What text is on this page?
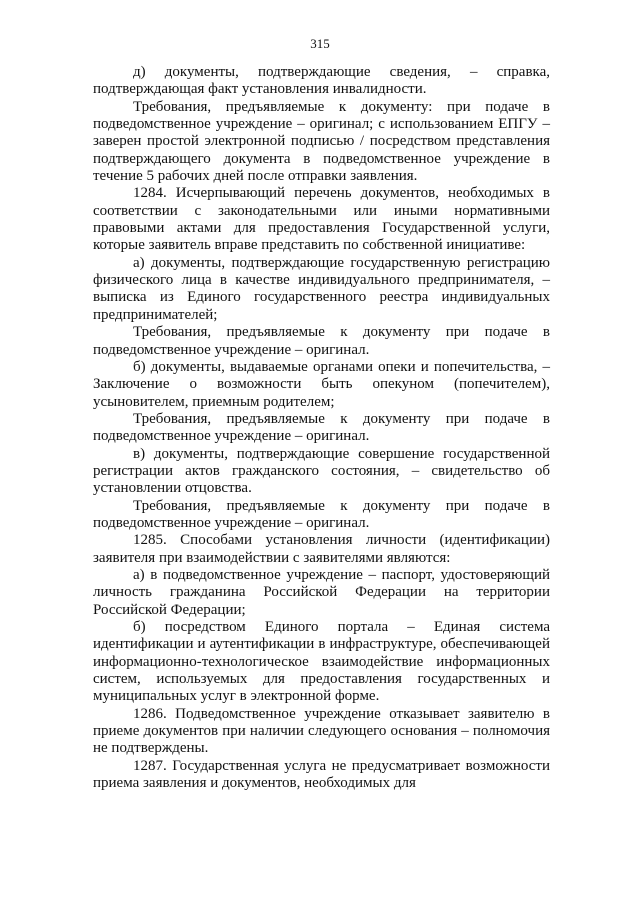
315

д) документы, подтверждающие сведения, – справка, подтверждающая факт установления инвалидности.

Требования, предъявляемые к документу: при подаче в подведомственное учреждение – оригинал; с использованием ЕПГУ – заверен простой электронной подписью / посредством представления подтверждающего документа в подведомственное учреждение в течение 5 рабочих дней после отправки заявления.

1284. Исчерпывающий перечень документов, необходимых в соответствии с законодательными или иными нормативными правовыми актами для предоставления Государственной услуги, которые заявитель вправе представить по собственной инициативе:

а) документы, подтверждающие государственную регистрацию физического лица в качестве индивидуального предпринимателя, – выписка из Единого государственного реестра индивидуальных предпринимателей;

Требования, предъявляемые к документу при подаче в подведомственное учреждение – оригинал.

б) документы, выдаваемые органами опеки и попечительства, – Заключение о возможности быть опекуном (попечителем), усыновителем, приемным родителем;

Требования, предъявляемые к документу при подаче в подведомственное учреждение – оригинал.

в) документы, подтверждающие совершение государственной регистрации актов гражданского состояния, – свидетельство об установлении отцовства.

Требования, предъявляемые к документу при подаче в подведомственное учреждение – оригинал.

1285. Способами установления личности (идентификации) заявителя при взаимодействии с заявителями являются:

а) в подведомственное учреждение – паспорт, удостоверяющий личность гражданина Российской Федерации на территории Российской Федерации;

б) посредством Единого портала – Единая система идентификации и аутентификации в инфраструктуре, обеспечивающей информационно-технологическое взаимодействие информационных систем, используемых для предоставления государственных и муниципальных услуг в электронной форме.

1286. Подведомственное учреждение отказывает заявителю в приеме документов при наличии следующего основания – полномочия не подтверждены.

1287. Государственная услуга не предусматривает возможности приема заявления и документов, необходимых для
